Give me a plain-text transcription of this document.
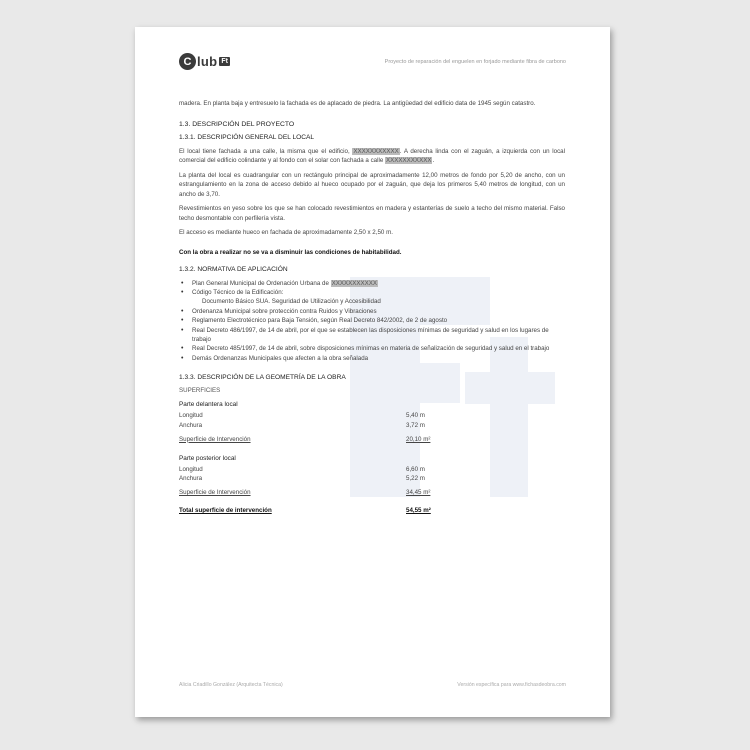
C lub Ft	Proyecto de reparación del enguelen en forjado mediante fibra de carbono

madera. En planta baja y entresuelo la fachada es de aplacado de piedra. La antigüedad del edificio data de 1945 según catastro.

1.3. DESCRIPCIÓN DEL PROYECTO
1.3.1. DESCRIPCIÓN GENERAL DEL LOCAL

El local tiene fachada a una calle, la misma que el edificio, XXXXXXXXXXX. A derecha linda con el zaguán, a izquierda con un local comercial del edificio colindante y al fondo con el solar con fachada a calle XXXXXXXXXXX.

La planta del local es cuadrangular con un rectángulo principal de aproximadamente 12,00 metros de fondo por 5,20 de ancho, con un estrangulamiento en la zona de acceso debido al hueco ocupado por el zaguán, que deja los primeros 5,40 metros de longitud, con un ancho de 3,70.

Revestimientos en yeso sobre los que se han colocado revestimientos en madera y estanterías de suelo a techo del mismo material. Falso techo desmontable con perfilería vista.

El acceso es mediante hueco en fachada de aproximadamente 2,50 x 2,50 m.

Con la obra a realizar no se va a disminuir las condiciones de habitabilidad.
1.3.2. NORMATIVA DE APLICACIÓN
• Plan General Municipal de Ordenación Urbana de XXXXXXXXXXX
• Código Técnico de la Edificación:
Documento Básico SUA. Seguridad de Utilización y Accesibilidad
• Ordenanza Municipal sobre protección contra Ruidos y Vibraciones
• Reglamento Electrotécnico para Baja Tensión, según Real Decreto 842/2002, de 2 de agosto
• Real Decreto 486/1997, de 14 de abril, por el que se establecen las disposiciones mínimas de seguridad y salud en los lugares de trabajo
• Real Decreto 485/1997, de 14 de abril, sobre disposiciones mínimas en materia de señalización de seguridad y salud en el trabajo
• Demás Ordenanzas Municipales que afecten a la obra señalada
1.3.3. DESCRIPCIÓN DE LA GEOMETRÍA DE LA OBRA
SUPERFICIES
Parte delantera local
Longitud	5,40 m
Anchura	3,72 m
Superficie de Intervención	20,10 m²
Parte posterior local
Longitud	6,60 m
Anchura	5,22 m
Superficie de Intervención	34,45 m²
Total superficie de intervención	54,55 m²
Alicia Criadillo González (Arquitecta Técnica)	Versión específica para www.fichasdeobra.com
